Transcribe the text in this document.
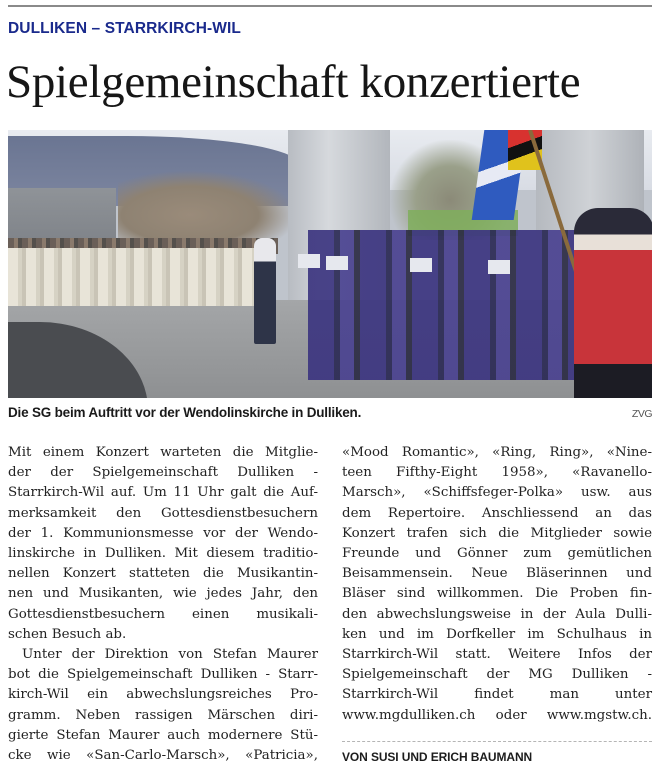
DULLIKEN – STARRKIRCH-WIL
Spielgemeinschaft konzertierte
Die SG beim Auftritt vor der Wendolinskirche in Dulliken.	ZVG

Mit einem Konzert warteten die Mitglie-
der der Spielgemeinschaft Dulliken -
Starrkirch-Wil auf. Um 11 Uhr galt die Auf-
merksamkeit den Gottesdienstbesuchern
der 1. Kommunionsmesse vor der Wendo-
linskirche in Dulliken. Mit diesem traditio-
nellen Konzert statteten die Musikantin-
nen und Musikanten, wie jedes Jahr, den
Gottesdienstbesuchern einen musikali-
schen Besuch ab.

Unter der Direktion von Stefan Maurer
bot die Spielgemeinschaft Dulliken - Starr-
kirch-Wil ein abwechslungsreiches Pro-
gramm. Neben rassigen Märschen diri-
gierte Stefan Maurer auch modernere Stü-
cke wie «San-Carlo-Marsch», «Patricia»,

«Mood Romantic», «Ring, Ring», «Nine-
teen Fifthy-Eight 1958», «Ravanello-
Marsch», «Schiffsfeger-Polka» usw. aus
dem Repertoire. Anschliessend an das
Konzert trafen sich die Mitglieder sowie
Freunde und Gönner zum gemütlichen
Beisammensein. Neue Bläserinnen und
Bläser sind willkommen. Die Proben fin-
den abwechslungsweise in der Aula Dulli-
ken und im Dorfkeller im Schulhaus in
Starrkirch-Wil statt. Weitere Infos der
Spielgemeinschaft der MG Dulliken -
Starrkirch-Wil findet man unter
www.mgdulliken.ch oder www.mgstw.ch.

VON SUSI UND ERICH BAUMANN
